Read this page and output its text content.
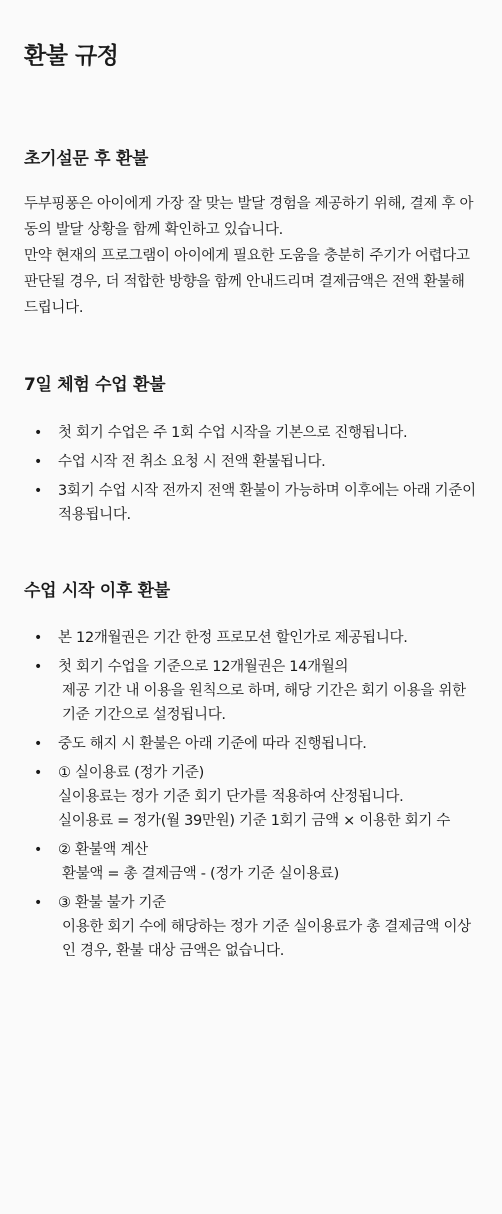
환불 규정
초기설문 후 환불

두부핑퐁은 아이에게 가장 잘 맞는 발달 경험을 제공하기 위해, 결제 후 아동의 발달 상황을 함께 확인하고 있습니다.

만약 현재의 프로그램이 아이에게 필요한 도움을 충분히 주기가 어렵다고 판단될 경우, 더 적합한 방향을 함께 안내드리며 결제금액은 전액 환불해드립니다.

7일 체험 수업 환불
• 첫 회기 수업은 주 1회 수업 시작을 기본으로 진행됩니다.
• 수업 시작 전 취소 요청 시 전액 환불됩니다.
• 3회기 수업 시작 전까지 전액 환불이 가능하며 이후에는 아래 기준이 적용됩니다.
수업 시작 이후 환불
• 본 12개월권은 기간 한정 프로모션 할인가로 제공됩니다.
• 첫 회기 수업을 기준으로 12개월권은 14개월의
제공 기간 내 이용을 원칙으로 하며, 해당 기간은 회기 이용을 위한 기준 기간으로 설정됩니다.
• 중도 해지 시 환불은 아래 기준에 따라 진행됩니다.
• ① 실이용료 (정가 기준)
실이용료는 정가 기준 회기 단가를 적용하여 산정됩니다.
실이용료 = 정가(월 39만원) 기준 1회기 금액 × 이용한 회기 수
• ② 환불액 계산
환불액 = 총 결제금액 - (정가 기준 실이용료)
• ③ 환불 불가 기준
이용한 회기 수에 해당하는 정가 기준 실이용료가 총 결제금액 이상인 경우, 환불 대상 금액은 없습니다.
